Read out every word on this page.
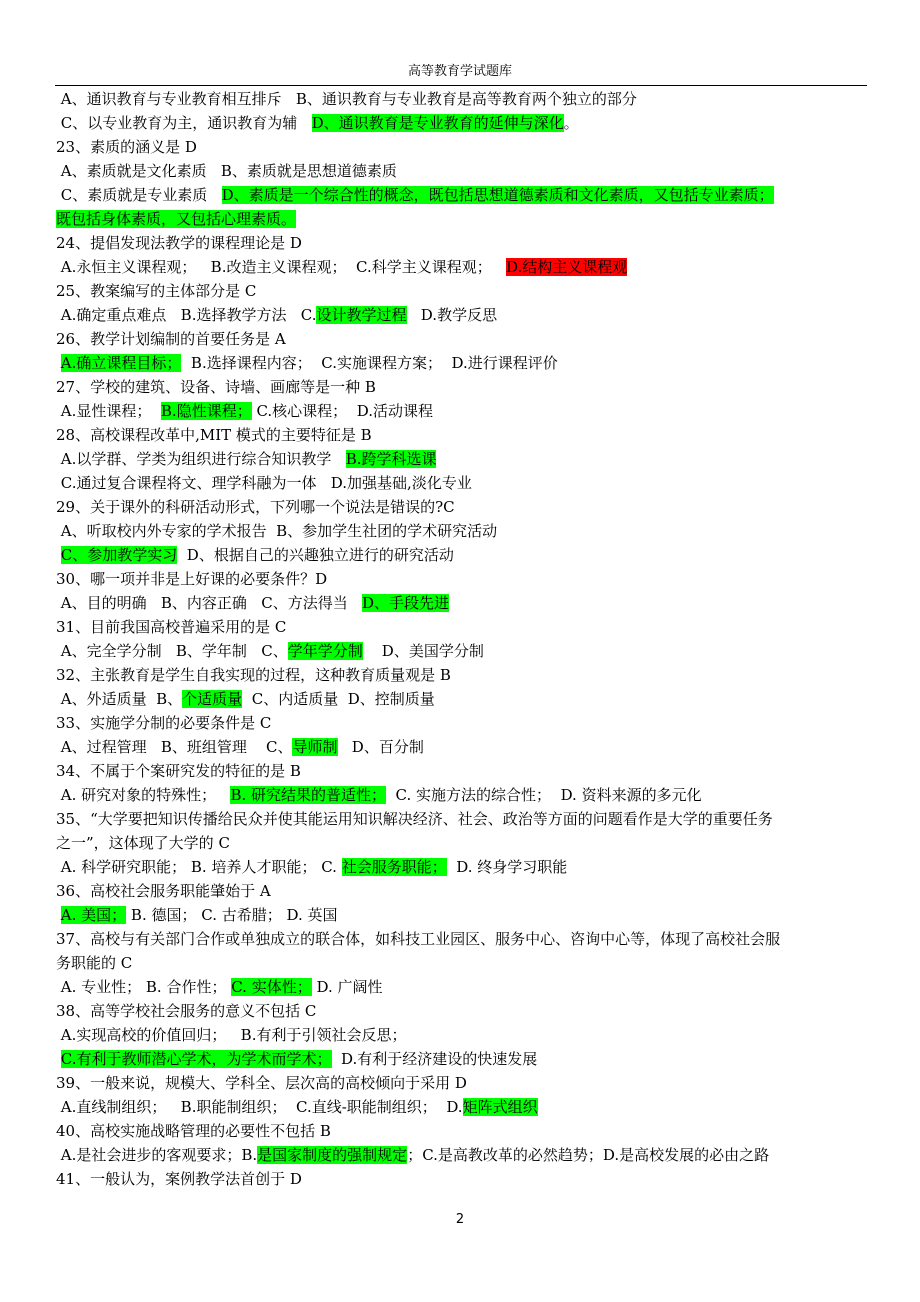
高等教育学试题库
A、通识教育与专业教育相互排斥   B、通识教育与专业教育是高等教育两个独立的部分
C、以专业教育为主，通识教育为辅   D、通识教育是专业教育的延伸与深化。
23、素质的涵义是 D
A、素质就是文化素质   B、素质就是思想道德素质
C、素质就是专业素质   D、素质是一个综合性的概念，既包括思想道德素质和文化素质，又包括专业素质；
既包括身体素质，又包括心理素质。
24、提倡发现法教学的课程理论是 D
A.永恒主义课程观；   B.改造主义课程观；  C.科学主义课程观；   D.结构主义课程观
25、教案编写的主体部分是 C
A.确定重点难点   B.选择教学方法   C.设计教学过程   D.教学反思
26、教学计划编制的首要任务是 A
A.确立课程目标；  B.选择课程内容；  C.实施课程方案；  D.进行课程评价
27、学校的建筑、设备、诗墙、画廊等是一种 B
A.显性课程；  B.隐性课程； C.核心课程；  D.活动课程
28、高校课程改革中,MIT 模式的主要特征是 B
A.以学群、学类为组织进行综合知识教学   B.跨学科选课
C.通过复合课程将文、理学科融为一体   D.加强基础,淡化专业
29、关于课外的科研活动形式，下列哪一个说法是错误的?C
A、听取校内外专家的学术报告  B、参加学生社团的学术研究活动
C、参加教学实习  D、根据自己的兴趣独立进行的研究活动
30、哪一项并非是上好课的必要条件？D
A、目的明确   B、内容正确   C、方法得当   D、手段先进
31、目前我国高校普遍采用的是 C
A、完全学分制   B、学年制   C、学年学分制    D、美国学分制
32、主张教育是学生自我实现的过程，这种教育质量观是 B
A、外适质量  B、个适质量  C、内适质量  D、控制质量
33、实施学分制的必要条件是 C
A、过程管理   B、班组管理    C、导师制   D、百分制
34、不属于个案研究发的特征的是 B
A. 研究对象的特殊性；   B. 研究结果的普适性；  C. 实施方法的综合性；  D. 资料来源的多元化
35、“大学要把知识传播给民众并使其能运用知识解决经济、社会、政治等方面的问题看作是大学的重要任务
之一”，这体现了大学的 C
A. 科学研究职能； B. 培养人才职能； C. 社会服务职能；  D. 终身学习职能
36、高校社会服务职能肇始于 A
A. 美国； B. 德国； C. 古希腊； D. 英国
37、高校与有关部门合作或单独成立的联合体，如科技工业园区、服务中心、咨询中心等，体现了高校社会服
务职能的 C
A. 专业性； B. 合作性； C. 实体性； D. 广阔性
38、高等学校社会服务的意义不包括 C
A.实现高校的价值回归；   B.有利于引领社会反思；
C.有利于教师潜心学术，为学术而学术；  D.有利于经济建设的快速发展
39、一般来说，规模大、学科全、层次高的高校倾向于采用 D
A.直线制组织；   B.职能制组织；  C.直线-职能制组织；  D.矩阵式组织
40、高校实施战略管理的必要性不包括 B
A.是社会进步的客观要求；B.是国家制度的强制规定；C.是高教改革的必然趋势；D.是高校发展的必由之路
41、一般认为，案例教学法首创于 D
2
